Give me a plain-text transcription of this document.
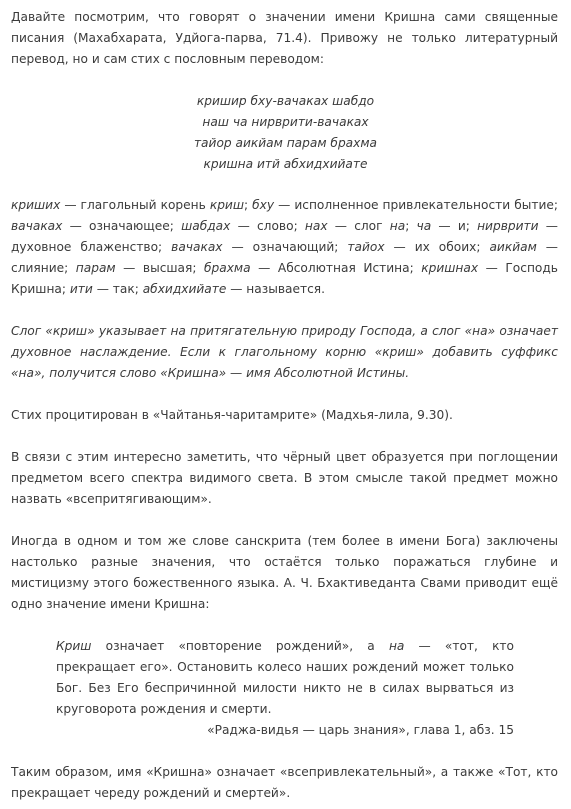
Давайте посмотрим, что говорят о значении имени Кришна сами священные писания (Махабхарата, Удйога-парва, 71.4). Привожу не только литературный перевод, но и сам стих с пословным переводом:

кришир бху-вачаках шабдо
наш ча нирврити-вачаках
тайор аикйам парам брахма
кришна итй абхидхийате

кришиx — глагольный корень криш; бху — исполненное привлекательности бытие; вачаках — означающее; шабдах — слово; нах — слог на; ча — и; нирврити — духовное блаженство; вачаках — означающий; тайох — их обоих; аикйам — слияние; парам — высшая; брахма — Абсолютная Истина; кришнах — Господь Кришна; ити — так; абхидхийате — называется.

Слог «криш» указывает на притягательную природу Господа, а слог «на» означает духовное наслаждение. Если к глагольному корню «криш» добавить суффикс «на», получится слово «Кришна» — имя Абсолютной Истины.

Стих процитирован в «Чайтанья-чаритамрите» (Мадхья-лила, 9.30).

В связи с этим интересно заметить, что чёрный цвет образуется при поглощении предметом всего спектра видимого света. В этом смысле такой предмет можно назвать «всепритягивающим».

Иногда в одном и том же слове санскрита (тем более в имени Бога) заключены настолько разные значения, что остаётся только поражаться глубине и мистицизму этого божественного языка. А. Ч. Бхактиведанта Свами приводит ещё одно значение имени Кришна:

Криш означает «повторение рождений», а на — «тот, кто прекращает его». Остановить колесо наших рождений может только Бог. Без Его беспричинной милости никто не в силах вырваться из круговорота рождения и смерти.

«Раджа-видья — царь знания», глава 1, абз. 15

Таким образом, имя «Кришна» означает «всепривлекательный», а также «Тот, кто прекращает череду рождений и смертей».
